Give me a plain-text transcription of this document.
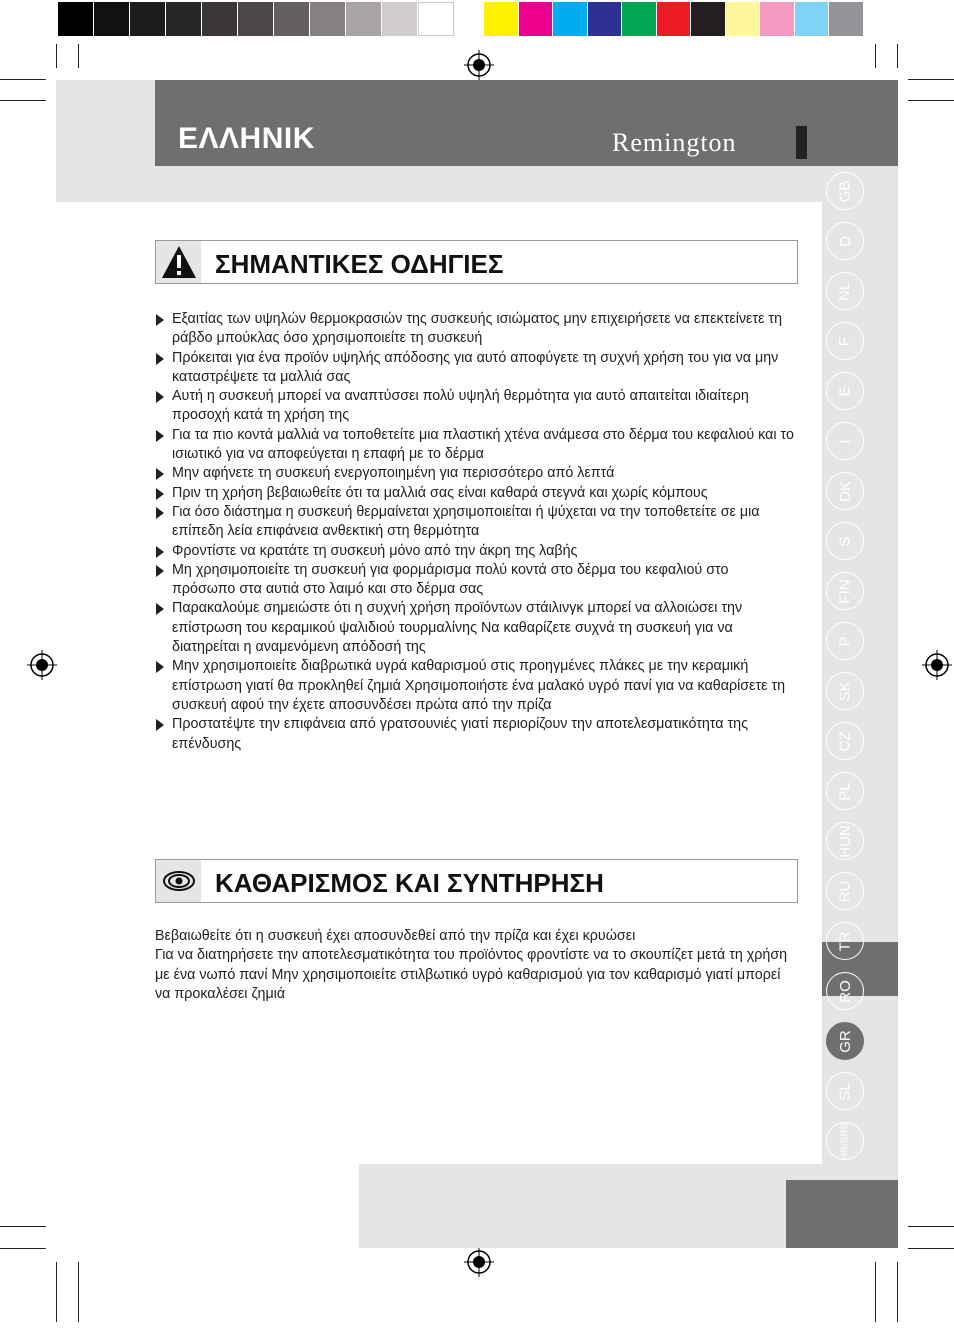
ΕΛΛΗΝΙΚ	Remington
GB
D
NL
F
E
I
DK
S
FIN
P
SK
CZ
PL
HUN
RU
TR
RO
GR
SL
HR/SRB
ΣΗΜΑΝΤΙΚΕΣ ΟΔΗΓΙΕΣ
Εξαιτίας των υψηλών θερμοκρασιών της συσκευής ισιώματος μην επιχειρήσετε να επεκτείνετε τη ράβδο μπούκλας όσο χρησιμοποιείτε τη συσκευή
Πρόκειται για ένα προϊόν υψηλής απόδοσης για αυτό αποφύγετε τη συχνή χρήση του για να μην καταστρέψετε τα μαλλιά σας
Αυτή η συσκευή μπορεί να αναπτύσσει πολύ υψηλή θερμότητα για αυτό απαιτείται ιδιαίτερη προσοχή κατά τη χρήση της
Για τα πιο κοντά μαλλιά να τοποθετείτε μια πλαστική χτένα ανάμεσα στο δέρμα του κεφαλιού και το ισιωτικό για να αποφεύγεται η επαφή με το δέρμα
Μην αφήνετε τη συσκευή ενεργοποιημένη για περισσότερο από λεπτά
Πριν τη χρήση βεβαιωθείτε ότι τα μαλλιά σας είναι καθαρά στεγνά και χωρίς κόμπους
Για όσο διάστημα η συσκευή θερμαίνεται χρησιμοποιείται ή ψύχεται να την τοποθετείτε σε μια επίπεδη λεία επιφάνεια ανθεκτική στη θερμότητα
Φροντίστε να κρατάτε τη συσκευή μόνο από την άκρη της λαβής
Μη χρησιμοποιείτε τη συσκευή για φορμάρισμα πολύ κοντά στο δέρμα του κεφαλιού στο πρόσωπο στα αυτιά στο λαιμό και στο δέρμα σας
Παρακαλούμε σημειώστε ότι η συχνή χρήση προϊόντων στάιλινγκ μπορεί να αλλοιώσει την επίστρωση του κεραμικού ψαλιδιού τουρμαλίνης Να καθαρίζετε συχνά τη συσκευή για να διατηρείται η αναμενόμενη απόδοσή της
Μην χρησιμοποιείτε διαβρωτικά υγρά καθαρισμού στις προηγμένες πλάκες με την κεραμική επίστρωση γιατί θα προκληθεί ζημιά Χρησιμοποιήστε ένα μαλακό υγρό πανί για να καθαρίσετε τη συσκευή αφού την έχετε αποσυνδέσει πρώτα από την πρίζα
Προστατέψτε την επιφάνεια από γρατσουνιές γιατί περιορίζουν την αποτελεσματικότητα της επένδυσης
ΚΑΘΑΡΙΣΜΟΣ ΚΑΙ ΣΥΝΤΗΡΗΣΗ

Βεβαιωθείτε ότι η συσκευή έχει αποσυνδεθεί από την πρίζα και έχει κρυώσει

Για να διατηρήσετε την αποτελεσματικότητα του προϊόντος φροντίστε να το σκουπίζετ μετά τη χρήση με ένα νωπό πανί Μην χρησιμοποιείτε στιλβωτικό υγρό καθαρισμού για τον καθαρισμό γιατί μπορεί να προκαλέσει ζημιά
